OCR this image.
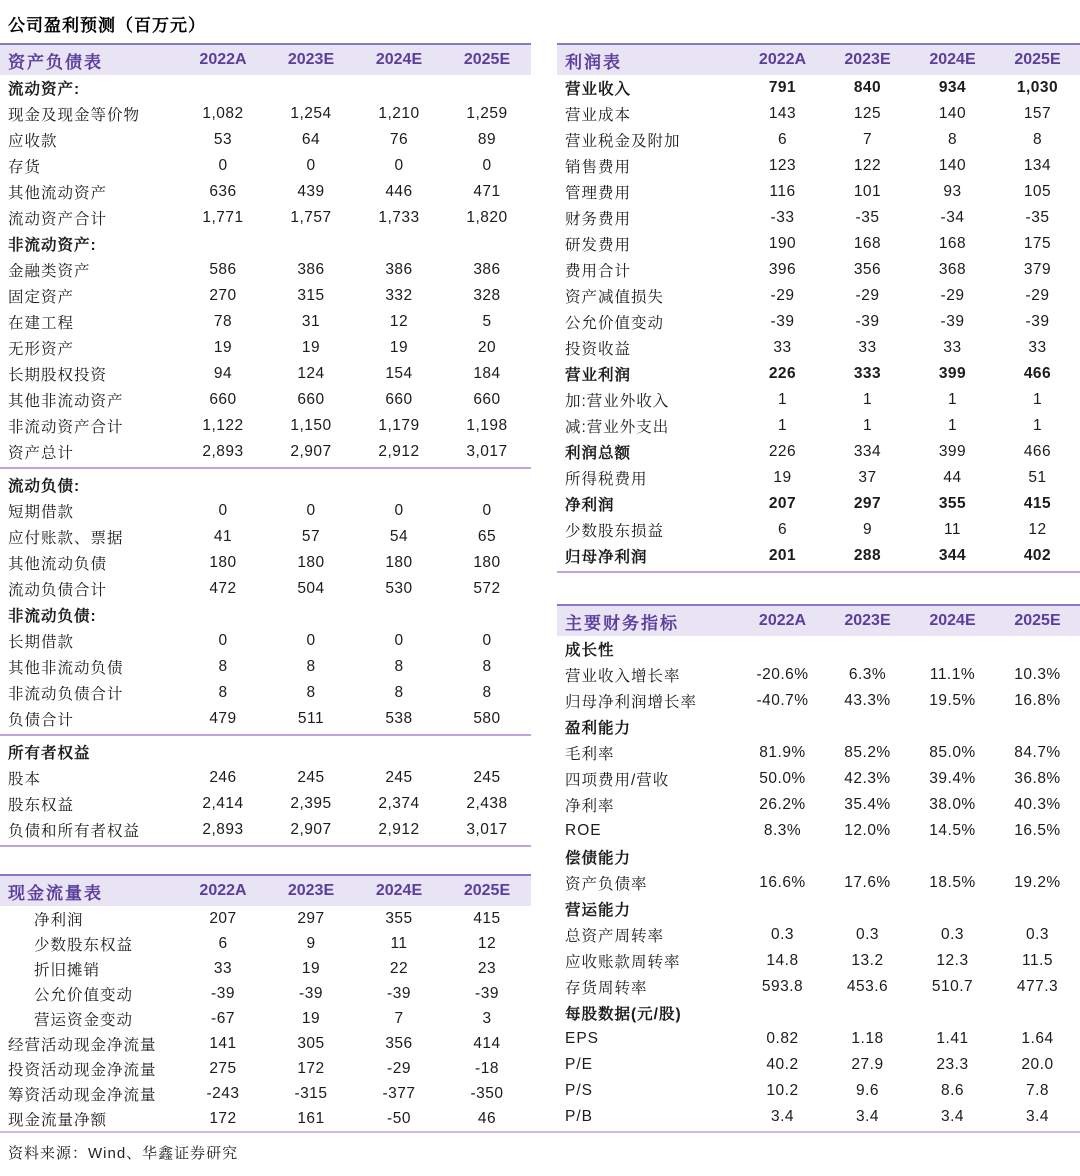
公司盈利预测（百万元）
资产负债表	2022A	2023E	2024E	2025E
流动资产:
现金及现金等价物	1,082	1,254	1,210	1,259
应收款	53	64	76	89
存货	0	0	0	0
其他流动资产	636	439	446	471
流动资产合计	1,771	1,757	1,733	1,820
非流动资产:
金融类资产	586	386	386	386
固定资产	270	315	332	328
在建工程	78	31	12	5
无形资产	19	19	19	20
长期股权投资	94	124	154	184
其他非流动资产	660	660	660	660
非流动资产合计	1,122	1,150	1,179	1,198
资产总计	2,893	2,907	2,912	3,017
流动负债:
短期借款	0	0	0	0
应付账款、票据	41	57	54	65
其他流动负债	180	180	180	180
流动负债合计	472	504	530	572
非流动负债:
长期借款	0	0	0	0
其他非流动负债	8	8	8	8
非流动负债合计	8	8	8	8
负债合计	479	511	538	580
所有者权益
股本	246	245	245	245
股东权益	2,414	2,395	2,374	2,438
负债和所有者权益	2,893	2,907	2,912	3,017
现金流量表	2022A	2023E	2024E	2025E
净利润	207	297	355	415
少数股东权益	6	9	11	12
折旧摊销	33	19	22	23
公允价值变动	-39	-39	-39	-39
营运资金变动	-67	19	7	3
经营活动现金净流量	141	305	356	414
投资活动现金净流量	275	172	-29	-18
筹资活动现金净流量	-243	-315	-377	-350
现金流量净额	172	161	-50	46
利润表	2022A	2023E	2024E	2025E
营业收入	791	840	934	1,030
营业成本	143	125	140	157
营业税金及附加	6	7	8	8
销售费用	123	122	140	134
管理费用	116	101	93	105
财务费用	-33	-35	-34	-35
研发费用	190	168	168	175
费用合计	396	356	368	379
资产减值损失	-29	-29	-29	-29
公允价值变动	-39	-39	-39	-39
投资收益	33	33	33	33
营业利润	226	333	399	466
加:营业外收入	1	1	1	1
减:营业外支出	1	1	1	1
利润总额	226	334	399	466
所得税费用	19	37	44	51
净利润	207	297	355	415
少数股东损益	6	9	11	12
归母净利润	201	288	344	402
主要财务指标	2022A	2023E	2024E	2025E
成长性
营业收入增长率	-20.6%	6.3%	11.1%	10.3%
归母净利润增长率	-40.7%	43.3%	19.5%	16.8%
盈利能力
毛利率	81.9%	85.2%	85.0%	84.7%
四项费用/营收	50.0%	42.3%	39.4%	36.8%
净利率	26.2%	35.4%	38.0%	40.3%
ROE	8.3%	12.0%	14.5%	16.5%
偿债能力
资产负债率	16.6%	17.6%	18.5%	19.2%
营运能力
总资产周转率	0.3	0.3	0.3	0.3
应收账款周转率	14.8	13.2	12.3	11.5
存货周转率	593.8	453.6	510.7	477.3
每股数据(元/股)
EPS	0.82	1.18	1.41	1.64
P/E	40.2	27.9	23.3	20.0
P/S	10.2	9.6	8.6	7.8
P/B	3.4	3.4	3.4	3.4
资料来源：Wind、华鑫证券研究
